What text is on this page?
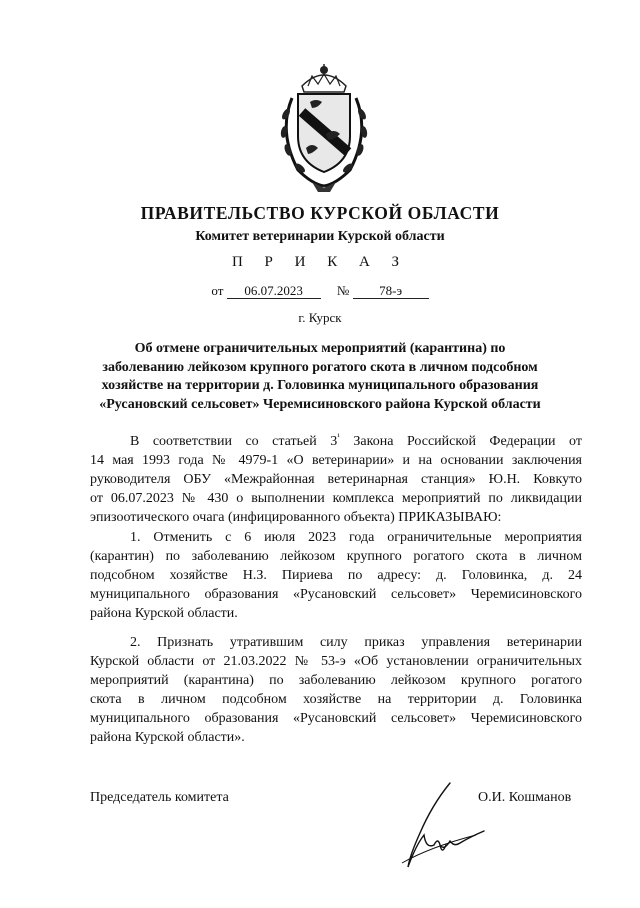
ПРАВИТЕЛЬСТВО КУРСКОЙ ОБЛАСТИ
Комитет ветеринарии Курской области
П Р И К А З
от 06.07.2023	№ 78-э
г. Курск
Об отмене ограничительных мероприятий (карантина) по
заболеванию лейкозом крупного рогатого скота в личном подсобном
хозяйстве на территории д. Головинка муниципального образования
«Русановский сельсовет» Черемисиновского района Курской области
В соответствии со статьей $3^{^1}$ Закона Российской Федерации от
14 мая 1993 года № 4979-1 «О ветеринарии» и на основании заключения
руководителя ОБУ «Межрайонная ветеринарная станция» Ю.Н. Ковкуто
от 06.07.2023 № 430 о выполнении комплекса мероприятий по ликвидации
эпизоотического очага (инфицированного объекта) ПРИКАЗЫВАЮ:
1. Отменить с 6 июля 2023 года ограничительные мероприятия
(карантин) по заболеванию лейкозом крупного рогатого скота в личном
подсобном хозяйстве Н.З. Пириева по адресу: д. Головинка, д. 24
муниципального образования «Русановский сельсовет» Черемисиновского
района Курской области.
2. Признать утратившим силу приказ управления ветеринарии
Курской области от 21.03.2022 № 53-э «Об установлении ограничительных
мероприятий (карантина) по заболеванию лейкозом крупного рогатого
скота в личном подсобном хозяйстве на территории д. Головинка
муниципального образования «Русановский сельсовет» Черемисиновского
района Курской области».
Председатель комитета	О.И. Кошманов
